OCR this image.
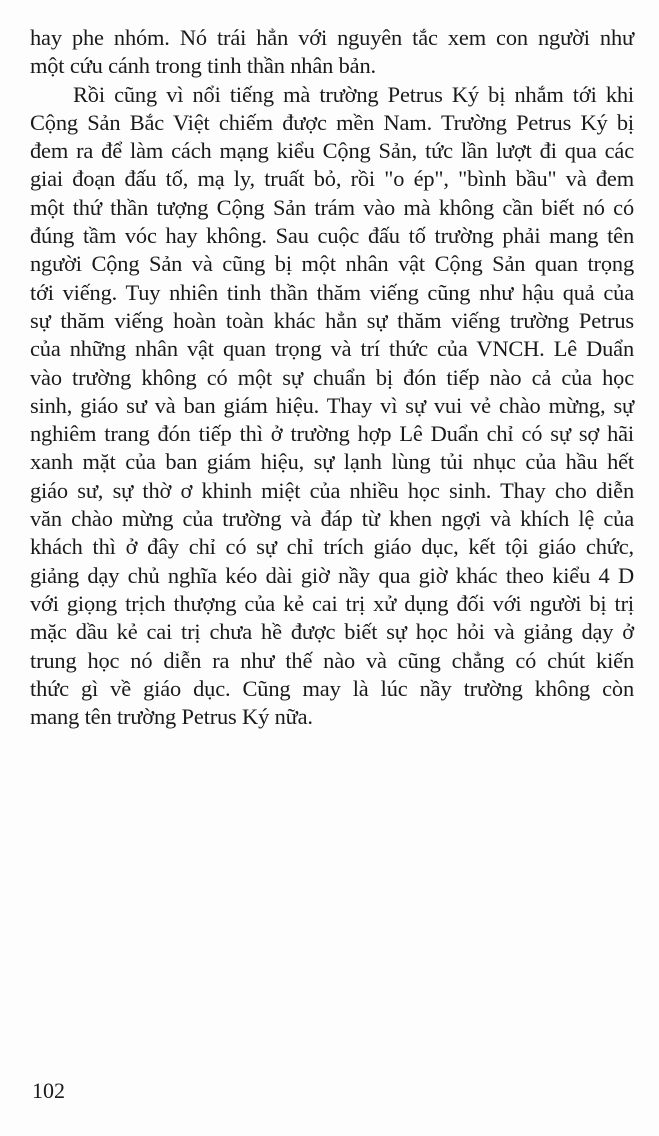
hay phe nhóm. Nó trái hẳn với nguyên tắc xem con người như
một cứu cánh trong tinh thần nhân bản.
Rồi cũng vì nổi tiếng mà trường Petrus Ký bị nhắm tới khi
Cộng Sản Bắc Việt chiếm được mền Nam. Trường Petrus Ký bị
đem ra để làm cách mạng kiểu Cộng Sản, tức lần lượt đi qua các
giai đoạn đấu tố, mạ ly, truất bỏ, rồi "o ép", "bình bầu" và đem
một thứ thần tượng Cộng Sản trám vào mà không cần biết nó có
đúng tầm vóc hay không. Sau cuộc đấu tố trường phải mang tên
người Cộng Sản và cũng bị một nhân vật Cộng Sản quan trọng
tới viếng. Tuy nhiên tinh thần thăm viếng cũng như hậu quả của
sự thăm viếng hoàn toàn khác hẳn sự thăm viếng trường Petrus
của những nhân vật quan trọng và trí thức của VNCH. Lê Duẩn
vào trường không có một sự chuẩn bị đón tiếp nào cả của học
sinh, giáo sư và ban giám hiệu. Thay vì sự vui vẻ chào mừng, sự
nghiêm trang đón tiếp thì ở trường hợp Lê Duẩn chỉ có sự sợ hãi
xanh mặt của ban giám hiệu, sự lạnh lùng tủi nhục của hầu hết
giáo sư, sự thờ ơ khinh miệt của nhiều học sinh. Thay cho diễn
văn chào mừng của trường và đáp từ khen ngợi và khích lệ của
khách thì ở đây chỉ có sự chỉ trích giáo dục, kết tội giáo chức,
giảng dạy chủ nghĩa kéo dài giờ nầy qua giờ khác theo kiểu 4 D
với giọng trịch thượng của kẻ cai trị xử dụng đối với người bị trị
mặc dầu kẻ cai trị chưa hề được biết sự học hỏi và giảng dạy ở
trung học nó diễn ra như thế nào và cũng chẳng có chút kiến
thức gì về giáo dục. Cũng may là lúc nầy trường không còn
mang tên trường Petrus Ký nữa.
102
